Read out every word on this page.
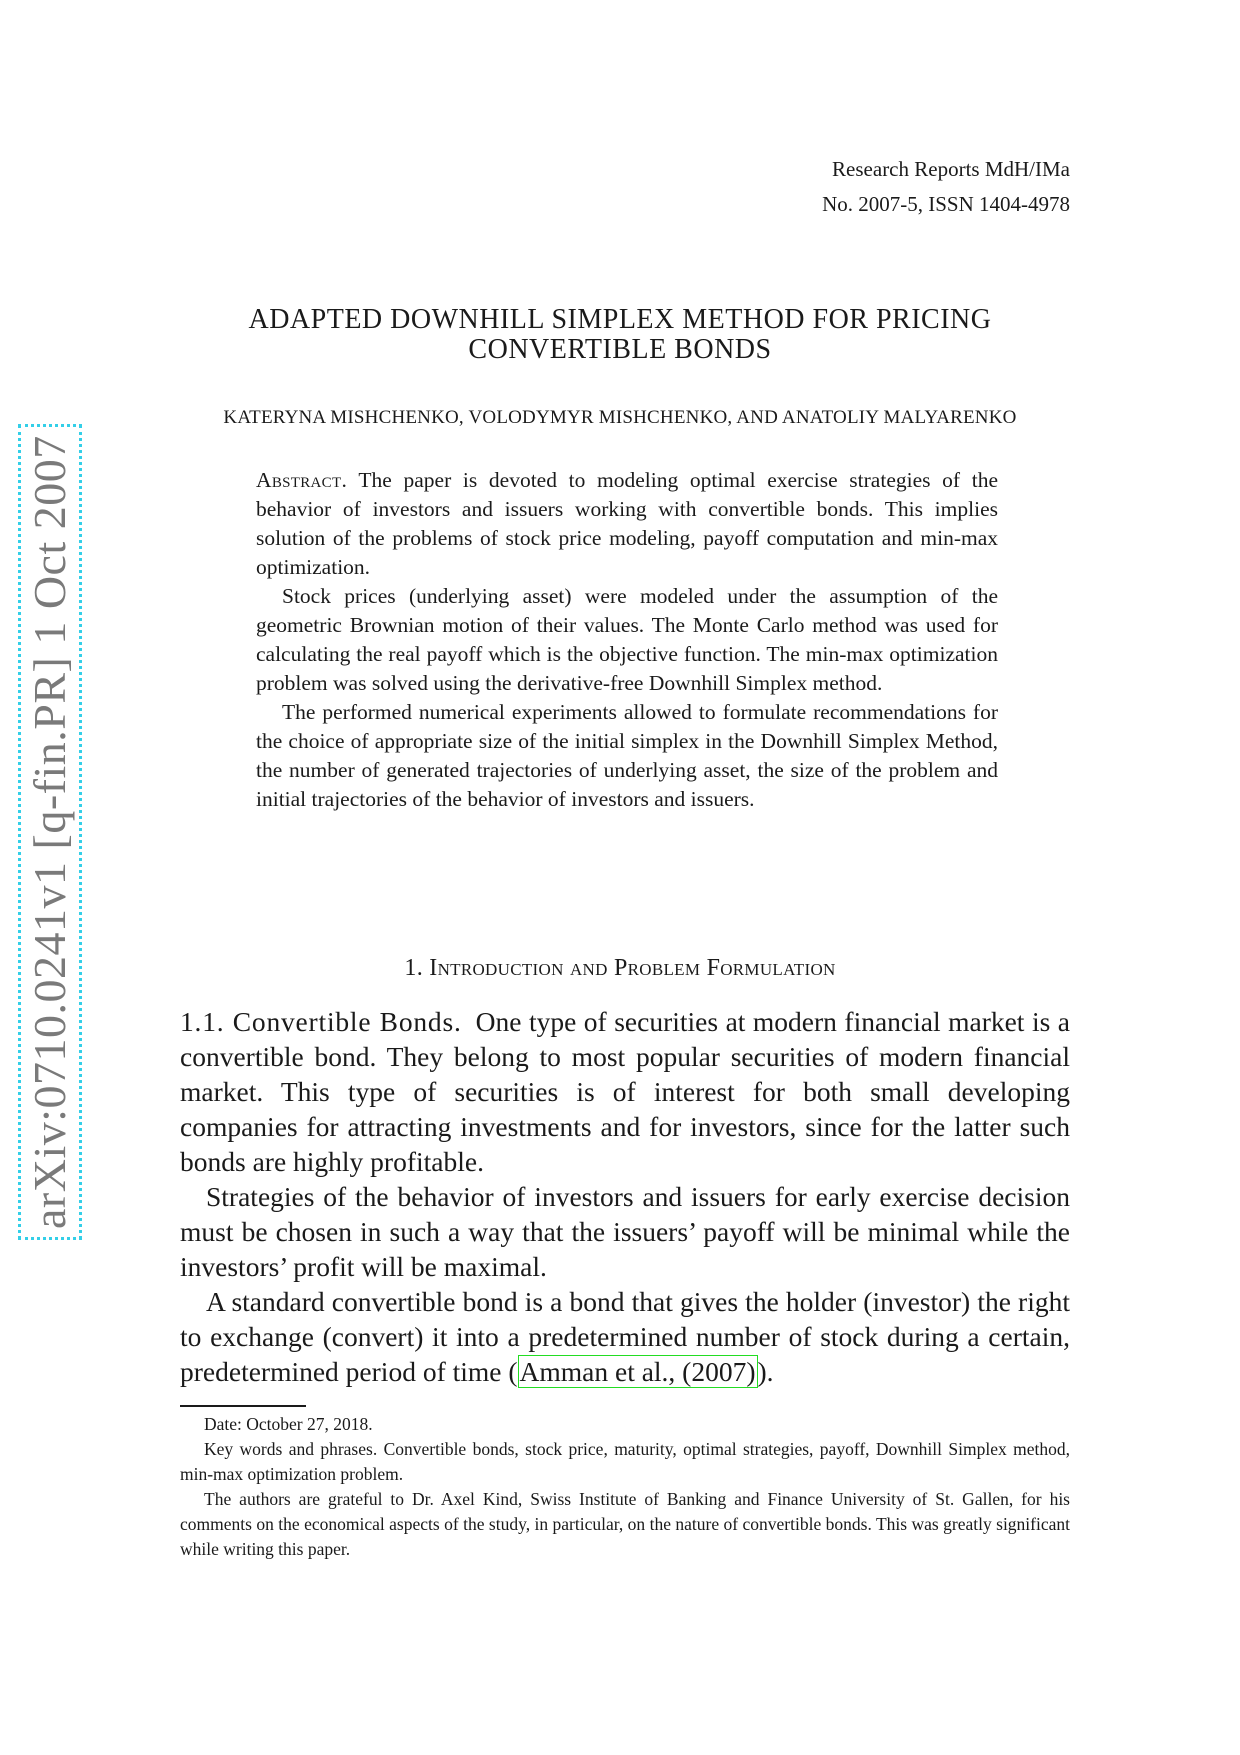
arXiv:0710.0241v1 [q-fin.PR] 1 Oct 2007
Research Reports MdH/IMa
No. 2007-5, ISSN 1404-4978
ADAPTED DOWNHILL SIMPLEX METHOD FOR PRICING
CONVERTIBLE BONDS
KATERYNA MISHCHENKO, VOLODYMYR MISHCHENKO, AND ANATOLIY MALYARENKO

Abstract. The paper is devoted to modeling optimal exercise strategies of the behavior of investors and issuers working with convertible bonds. This implies solution of the problems of stock price modeling, payoff computation and min-max optimization.

Stock prices (underlying asset) were modeled under the assumption of the geometric Brownian motion of their values. The Monte Carlo method was used for calculating the real payoff which is the objective function. The min-max optimization problem was solved using the derivative-free Downhill Simplex method.

The performed numerical experiments allowed to formulate recommendations for the choice of appropriate size of the initial simplex in the Downhill Simplex Method, the number of generated trajectories of underlying asset, the size of the problem and initial trajectories of the behavior of investors and issuers.

1. Introduction and Problem Formulation

1.1. Convertible Bonds. One type of securities at modern financial market is a convertible bond. They belong to most popular securities of modern financial market. This type of securities is of interest for both small developing companies for attracting investments and for investors, since for the latter such bonds are highly profitable.

Strategies of the behavior of investors and issuers for early exercise decision must be chosen in such a way that the issuers’ payoff will be minimal while the investors’ profit will be maximal.

A standard convertible bond is a bond that gives the holder (investor) the right to exchange (convert) it into a predetermined number of stock during a certain, predetermined period of time (Amman et al., (2007)).

Date: October 27, 2018.

Key words and phrases. Convertible bonds, stock price, maturity, optimal strategies, payoff, Downhill Simplex method, min-max optimization problem.

The authors are grateful to Dr. Axel Kind, Swiss Institute of Banking and Finance University of St. Gallen, for his comments on the economical aspects of the study, in particular, on the nature of convertible bonds. This was greatly significant while writing this paper.
